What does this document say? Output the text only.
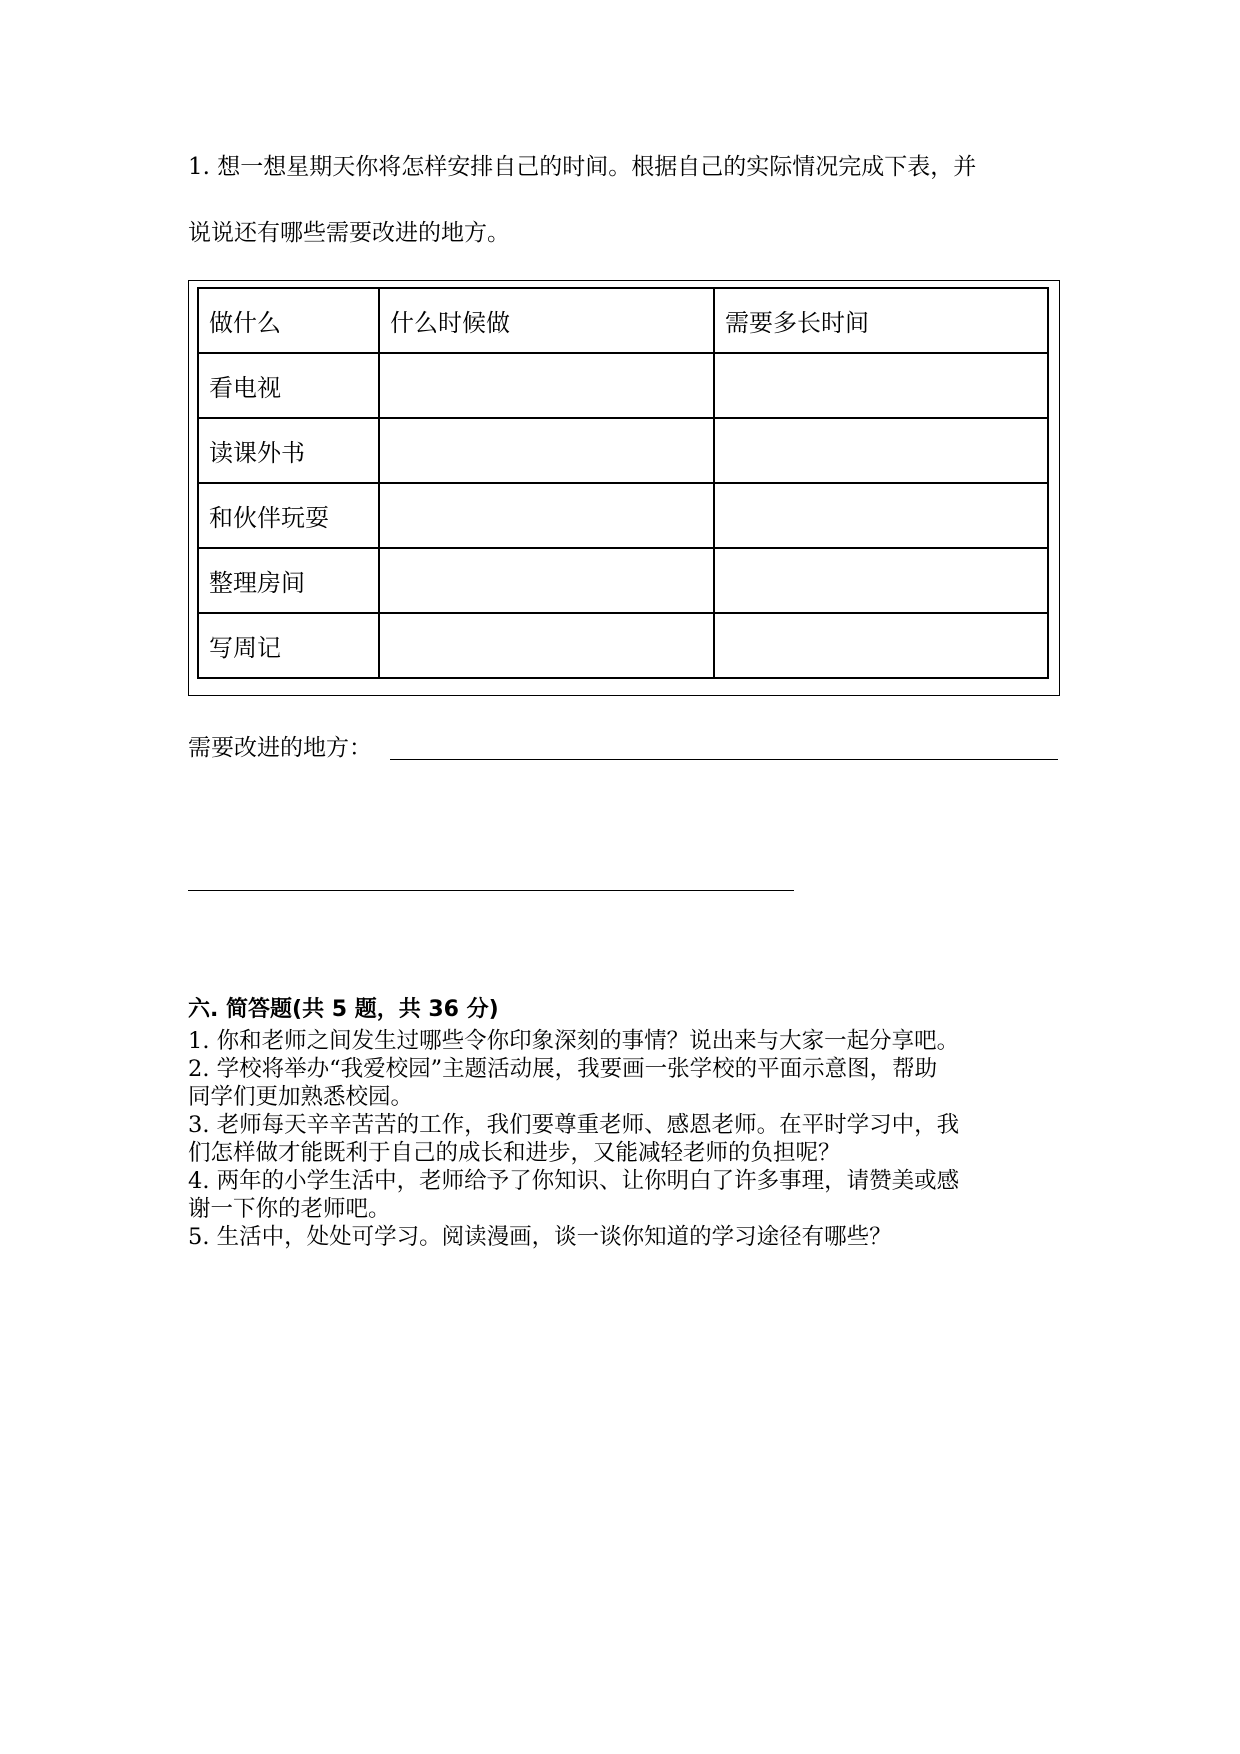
1. 想一想星期天你将怎样安排自己的时间。根据自己的实际情况完成下表，并
说说还有哪些需要改进的地方。
做什么	什么时候做	需要多长时间
看电视		
读课外书		
和伙伴玩耍		
整理房间		
写周记		
需要改进的地方：
六. 简答题(共 5 题，共 36 分)
1. 你和老师之间发生过哪些令你印象深刻的事情？说出来与大家一起分享吧。
2. 学校将举办“我爱校园”主题活动展，我要画一张学校的平面示意图，帮助
同学们更加熟悉校园。
3. 老师每天辛辛苦苦的工作，我们要尊重老师、感恩老师。在平时学习中，我
们怎样做才能既利于自己的成长和进步，又能减轻老师的负担呢？
4. 两年的小学生活中，老师给予了你知识、让你明白了许多事理，请赞美或感
谢一下你的老师吧。
5. 生活中，处处可学习。阅读漫画，谈一谈你知道的学习途径有哪些？
